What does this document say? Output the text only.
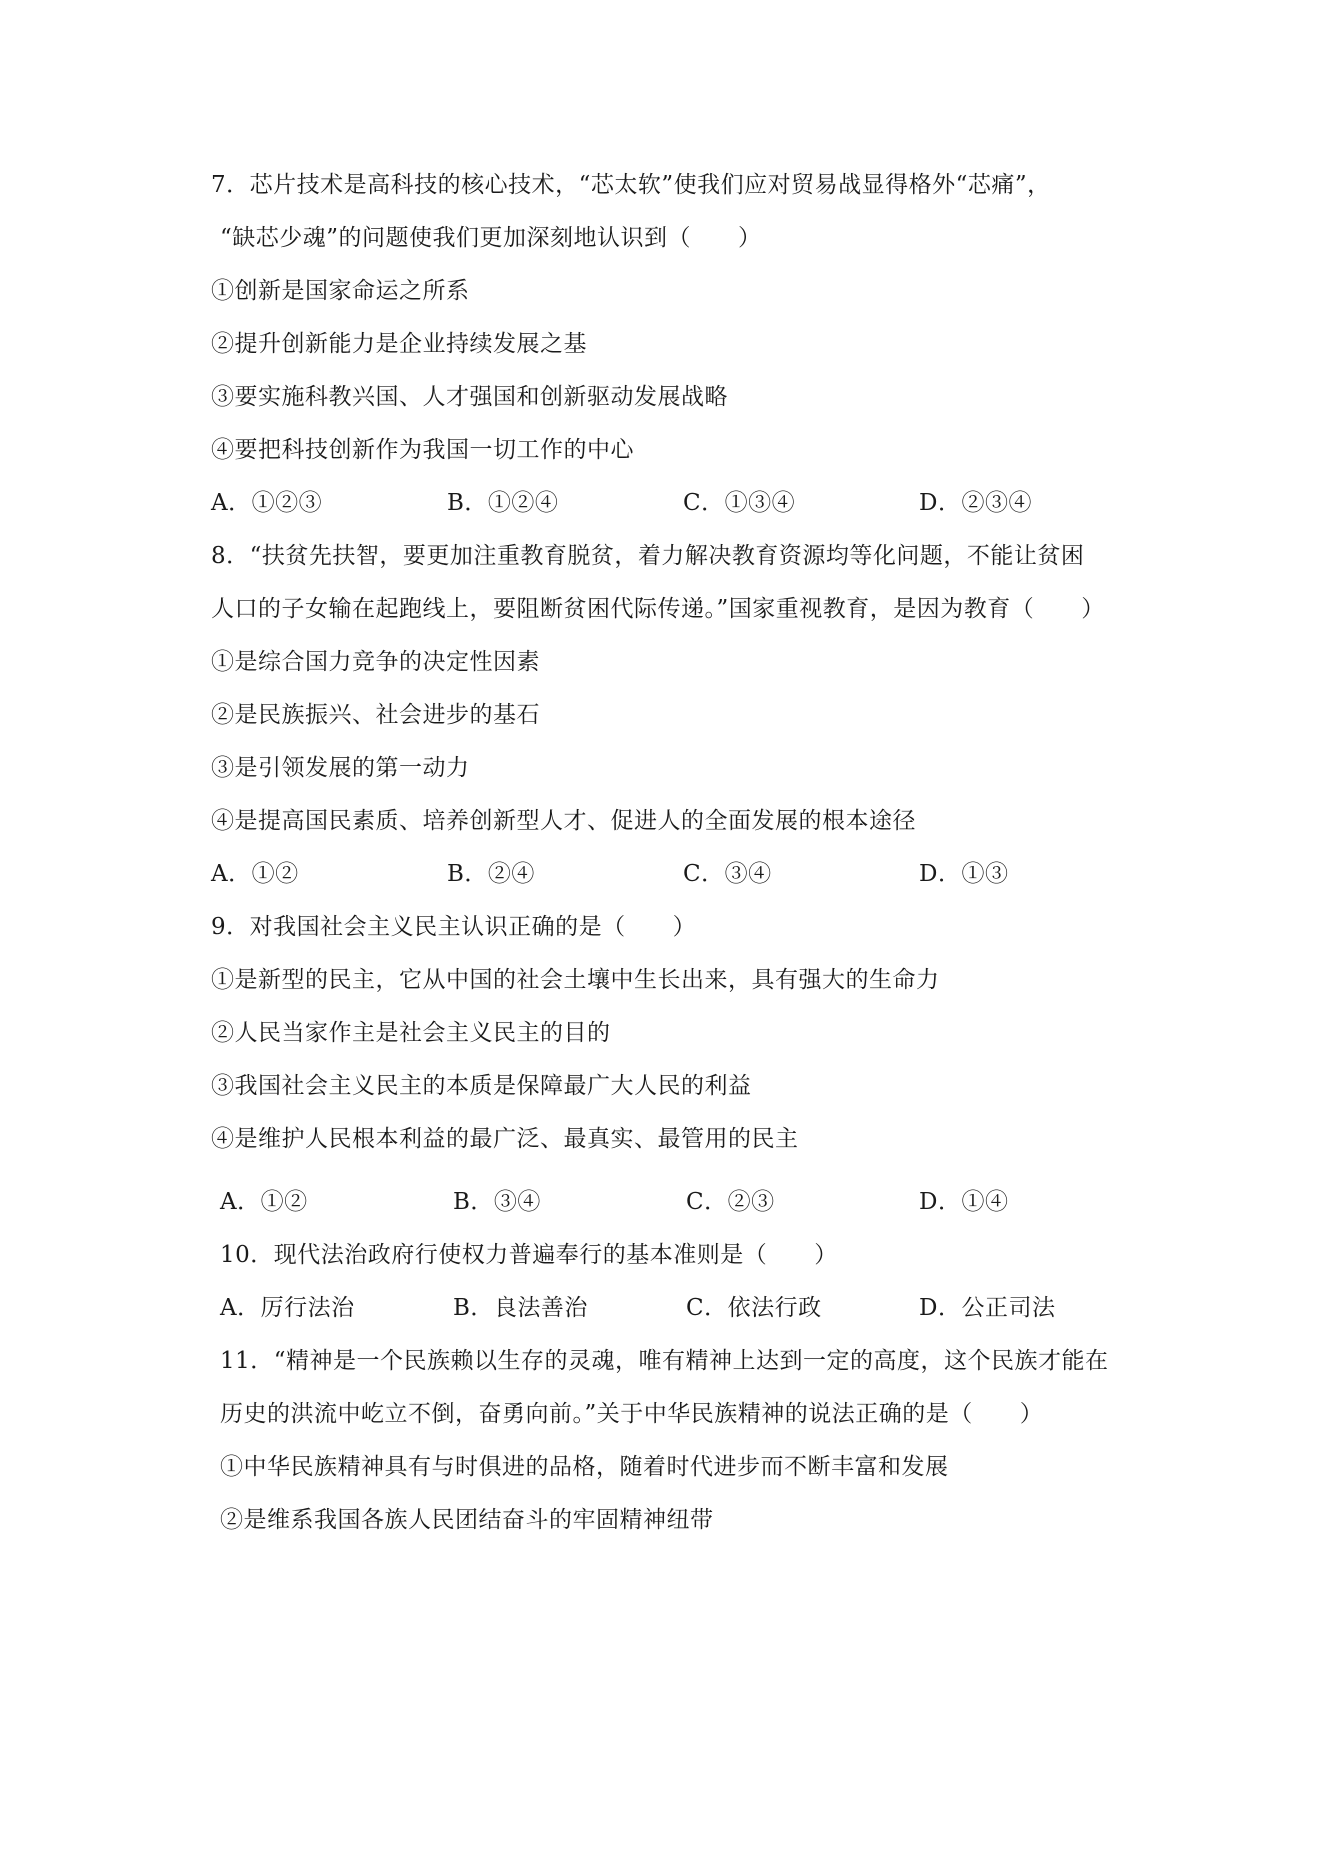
7．芯片技术是高科技的核心技术，“芯太软”使我们应对贸易战显得格外“芯痛”，
“缺芯少魂”的问题使我们更加深刻地认识到（　　）
①创新是国家命运之所系
②提升创新能力是企业持续发展之基
③要实施科教兴国、人才强国和创新驱动发展战略
④要把科技创新作为我国一切工作的中心
A．①②③	B．①②④	C．①③④	D．②③④
8．“扶贫先扶智，要更加注重教育脱贫，着力解决教育资源均等化问题，不能让贫困
人口的子女输在起跑线上，要阻断贫困代际传递。”国家重视教育，是因为教育（　　）
①是综合国力竞争的决定性因素
②是民族振兴、社会进步的基石
③是引领发展的第一动力
④是提高国民素质、培养创新型人才、促进人的全面发展的根本途径
A．①②	B．②④	C．③④	D．①③
9．对我国社会主义民主认识正确的是（　　）
①是新型的民主，它从中国的社会土壤中生长出来，具有强大的生命力
②人民当家作主是社会主义民主的目的
③我国社会主义民主的本质是保障最广大人民的利益
④是维护人民根本利益的最广泛、最真实、最管用的民主
A．①②	B．③④	C．②③	D．①④
10．现代法治政府行使权力普遍奉行的基本准则是（　　）
A．厉行法治	B．良法善治	C．依法行政	D．公正司法
11．“精神是一个民族赖以生存的灵魂，唯有精神上达到一定的高度，这个民族才能在
历史的洪流中屹立不倒，奋勇向前。”关于中华民族精神的说法正确的是（　　）
①中华民族精神具有与时俱进的品格，随着时代进步而不断丰富和发展
②是维系我国各族人民团结奋斗的牢固精神纽带
